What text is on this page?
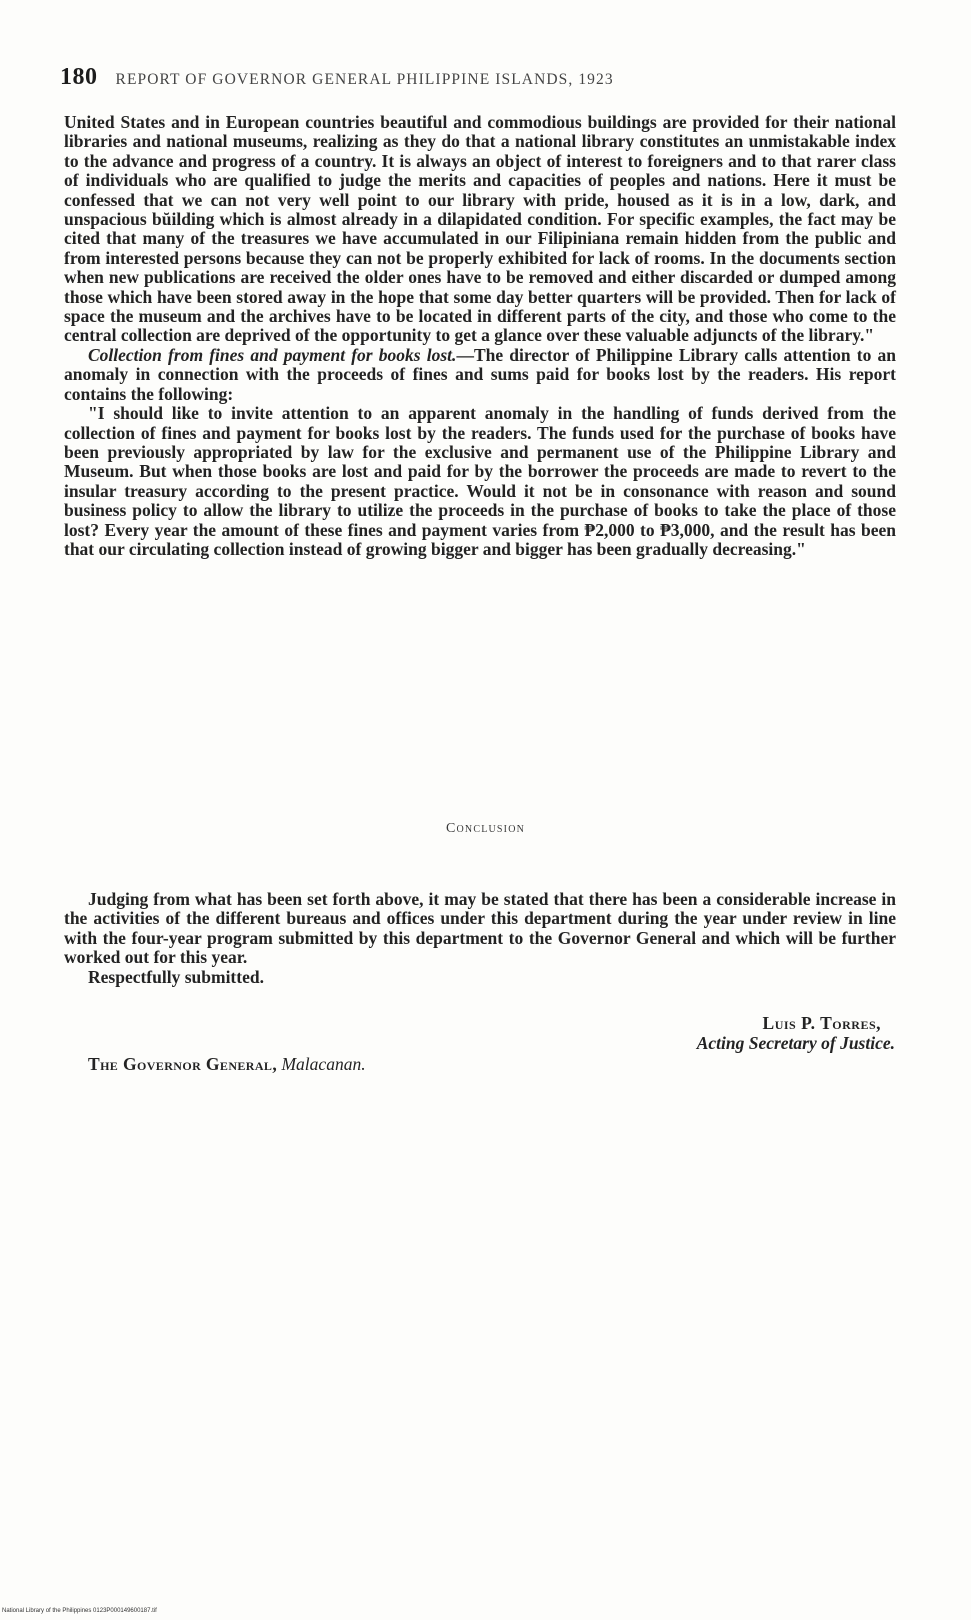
180 REPORT OF GOVERNOR GENERAL PHILIPPINE ISLANDS, 1923

United States and in European countries beautiful and commodious buildings are provided for their national libraries and national museums, realizing as they do that a national library constitutes an unmistakable index to the advance and progress of a country. It is always an object of interest to foreigners and to that rarer class of individuals who are qualified to judge the merits and capacities of peoples and nations. Here it must be confessed that we can not very well point to our library with pride, housed as it is in a low, dark, and unspacious bŭilding which is almost already in a dilapidated condition. For specific examples, the fact may be cited that many of the treasures we have accumulated in our Filipiniana remain hidden from the public and from interested persons because they can not be properly exhibited for lack of rooms. In the documents section when new publications are received the older ones have to be removed and either discarded or dumped among those which have been stored away in the hope that some day better quarters will be provided. Then for lack of space the museum and the archives have to be located in different parts of the city, and those who come to the central collection are deprived of the opportunity to get a glance over these valuable adjuncts of the library."

Collection from fines and payment for books lost.—The director of Philippine Library calls attention to an anomaly in connection with the proceeds of fines and sums paid for books lost by the readers. His report contains the following:

"I should like to invite attention to an apparent anomaly in the handling of funds derived from the collection of fines and payment for books lost by the readers. The funds used for the purchase of books have been previously appropriated by law for the exclusive and permanent use of the Philippine Library and Museum. But when those books are lost and paid for by the borrower the proceeds are made to revert to the insular treasury according to the present practice. Would it not be in consonance with reason and sound business policy to allow the library to utilize the proceeds in the purchase of books to take the place of those lost? Every year the amount of these fines and payment varies from ₱2,000 to ₱3,000, and the result has been that our circulating collection instead of growing bigger and bigger has been gradually decreasing."

Conclusion

Judging from what has been set forth above, it may be stated that there has been a considerable increase in the activities of the different bureaus and offices under this department during the year under review in line with the four-year program submitted by this department to the Governor General and which will be further worked out for this year.

Respectfully submitted.

Luis P. Torres,
Acting Secretary of Justice.
The Governor General, Malacanan.
National Library of the Philippines 0123P000149600187.tif
